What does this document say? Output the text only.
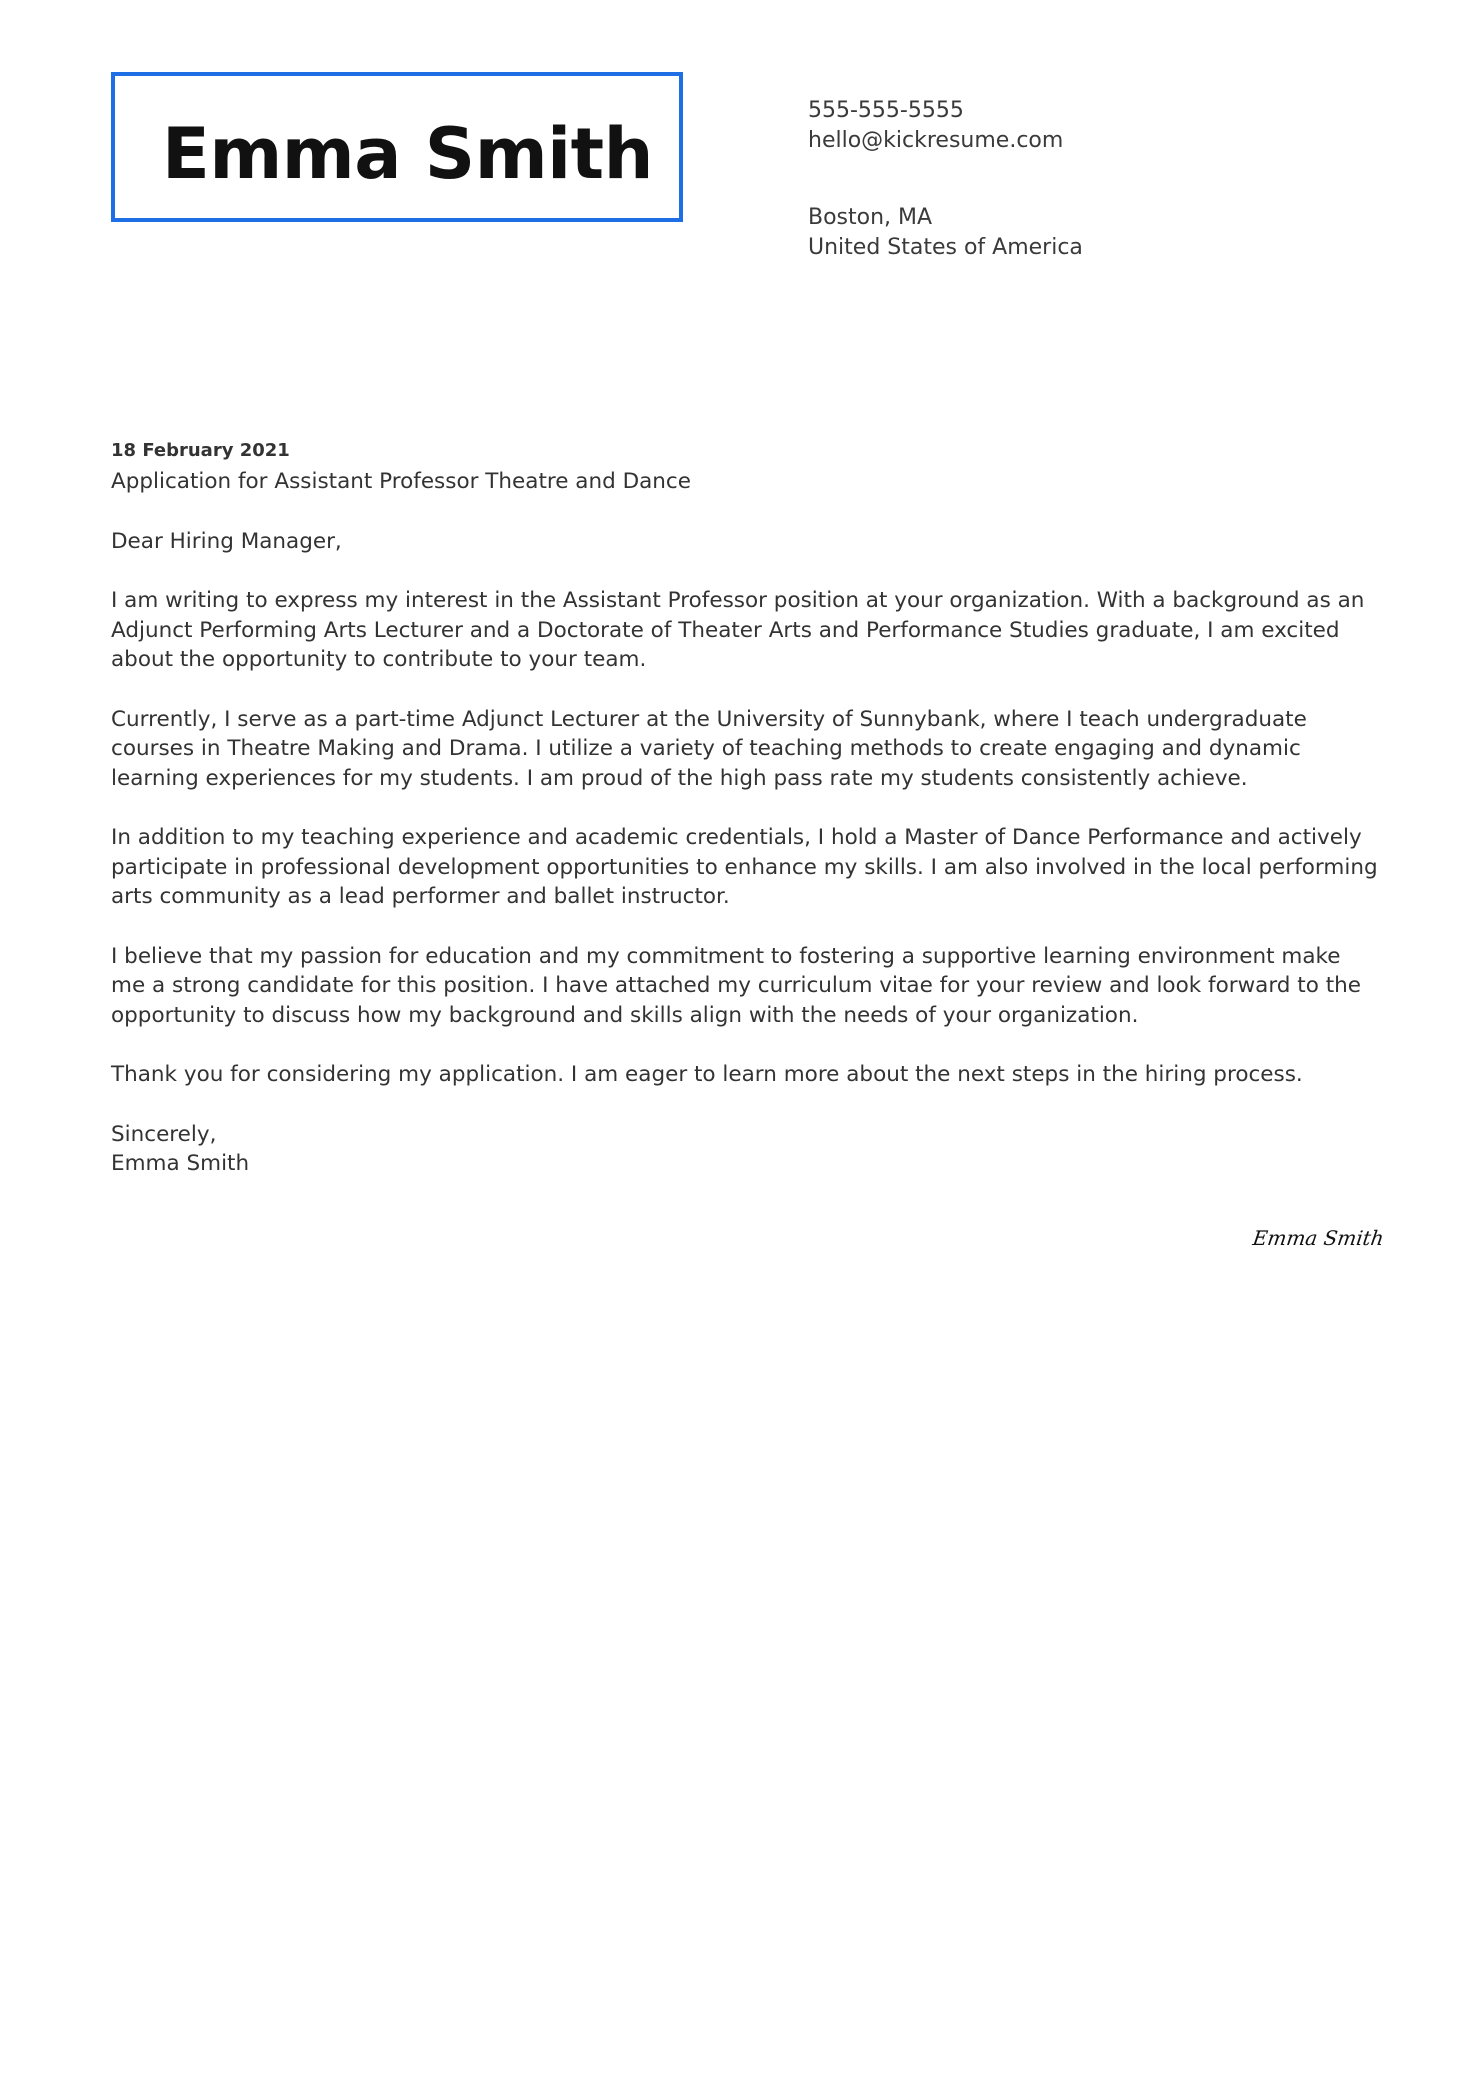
Emma Smith
555-555-5555
hello@kickresume.com
Boston, MA
United States of America
18 February 2021
Application for Assistant Professor Theatre and Dance

Dear Hiring Manager,

I am writing to express my interest in the Assistant Professor position at your organization. With a background as an Adjunct Performing Arts Lecturer and a Doctorate of Theater Arts and Performance Studies graduate, I am excited about the opportunity to contribute to your team.

Currently, I serve as a part-time Adjunct Lecturer at the University of Sunnybank, where I teach undergraduate courses in Theatre Making and Drama. I utilize a variety of teaching methods to create engaging and dynamic learning experiences for my students. I am proud of the high pass rate my students consistently achieve.

In addition to my teaching experience and academic credentials, I hold a Master of Dance Performance and actively participate in professional development opportunities to enhance my skills. I am also involved in the local performing arts community as a lead performer and ballet instructor.

I believe that my passion for education and my commitment to fostering a supportive learning environment make me a strong candidate for this position. I have attached my curriculum vitae for your review and look forward to the opportunity to discuss how my background and skills align with the needs of your organization.

Thank you for considering my application. I am eager to learn more about the next steps in the hiring process.

Sincerely,
Emma Smith
Emma Smith
